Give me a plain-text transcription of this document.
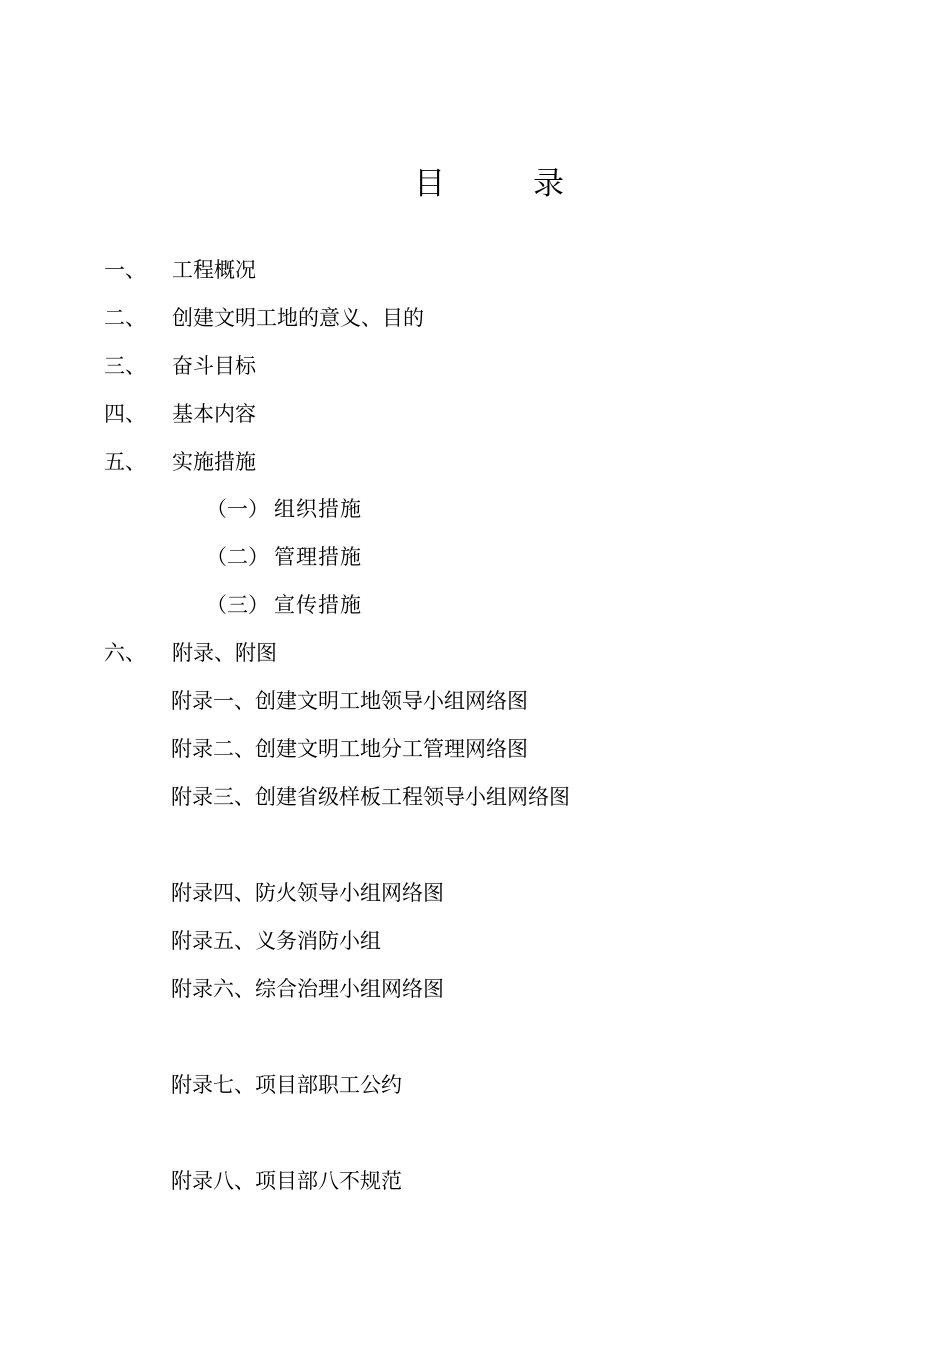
目	录
一、 工程概况
二、 创建文明工地的意义、目的
三、 奋斗目标
四、 基本内容
五、 实施措施
（一） 组织措施
（二） 管理措施
（三） 宣传措施
六、 附录、附图
附录一、创建文明工地领导小组网络图
附录二、创建文明工地分工管理网络图
附录三、创建省级样板工程领导小组网络图
附录四、防火领导小组网络图
附录五、义务消防小组
附录六、综合治理小组网络图
附录七、项目部职工公约
附录八、项目部八不规范
